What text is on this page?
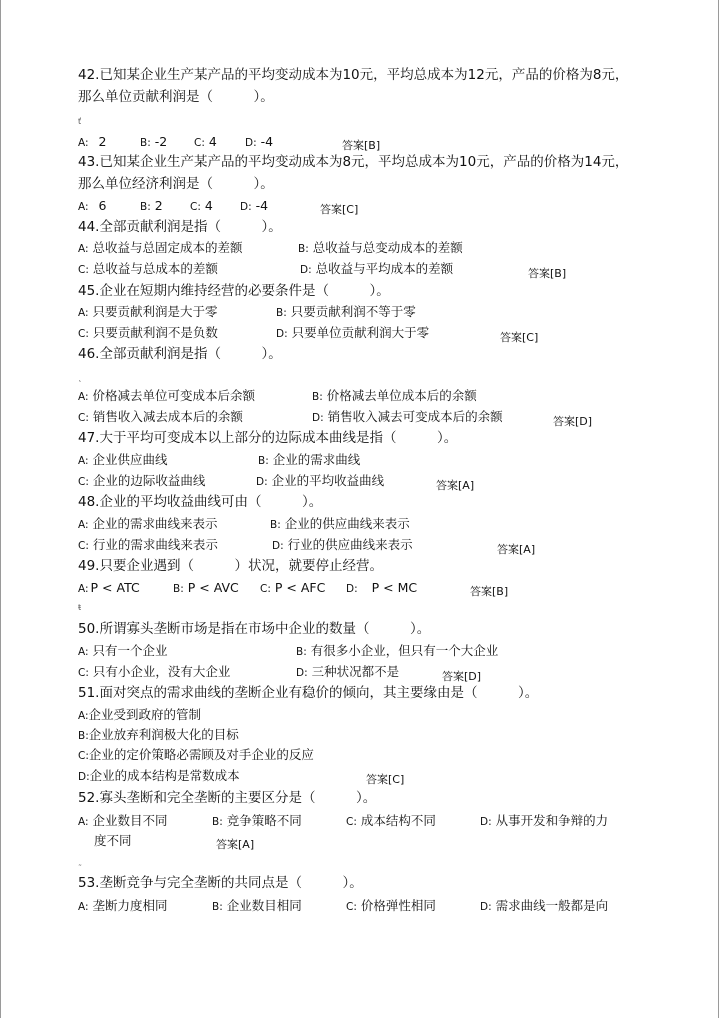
42.已知某企业生产某产品的平均变动成本为10元，平均总成本为12元，产品的价格为8元，
那么单位贡献利润是（　　　）。
ť
A: 2	B: -2	C: 4	D: -4	答案[B]
43.已知某企业生产某产品的平均变动成本为8元，平均总成本为10元，产品的价格为14元，
那么单位经济利润是（　　　）。
A: 6	B: 2	C: 4	D: -4	答案[C]
44.全部贡献利润是指（　　　）。
A: 总收益与总固定成本的差额	B: 总收益与总变动成本的差额
C: 总收益与总成本的差额	D: 总收益与平均成本的差额	答案[B]
45.企业在短期内维持经营的必要条件是（　　　）。
A: 只要贡献利润是大于零	B: 只要贡献利润不等于零
C: 只要贡献利润不是负数	D: 只要单位贡献利润大于零	答案[C]
46.全部贡献利润是指（　　　）。
˛
A: 价格减去单位可变成本后余额	B: 价格减去单位成本后的余额
C: 销售收入减去成本后的余额	D: 销售收入减去可变成本后的余额	答案[D]
47.大于平均可变成本以上部分的边际成本曲线是指（　　　）。
A: 企业供应曲线	B: 企业的需求曲线
C: 企业的边际收益曲线	D: 企业的平均收益曲线	答案[A]
48.企业的平均收益曲线可由（　　　）。
A: 企业的需求曲线来表示	B: 企业的供应曲线来表示
C: 行业的需求曲线来表示	D: 行业的供应曲线来表示	答案[A]
49.只要企业遇到（　　　）状况，就要停止经营。
A: P < ATC	B: P < AVC C: P < AFC D: P < MC	答案[B]
ŧ
50.所谓寡头垄断市场是指在市场中企业的数量（　　　）。
A: 只有一个企业	B: 有很多小企业，但只有一个大企业
C: 只有小企业，没有大企业	D: 三种状况都不是	答案[D]
51.面对突点的需求曲线的垄断企业有稳价的倾向，其主要缘由是（　　　）。
A:企业受到政府的管制
B:企业放弃利润极大化的目标
C:企业的定价策略必需顾及对手企业的反应
D:企业的成本结构是常数成本	答案[C]
52.寡头垄断和完全垄断的主要区分是（　　　）。
A: 企业数目不同	B: 竞争策略不同	C: 成本结构不同	D: 从事开发和争辩的力
度不同	答案[A]
˷
53.垄断竞争与完全垄断的共同点是（　　　）。
A: 垄断力度相同	B: 企业数目相同	C: 价格弹性相同	D: 需求曲线一般都是向
